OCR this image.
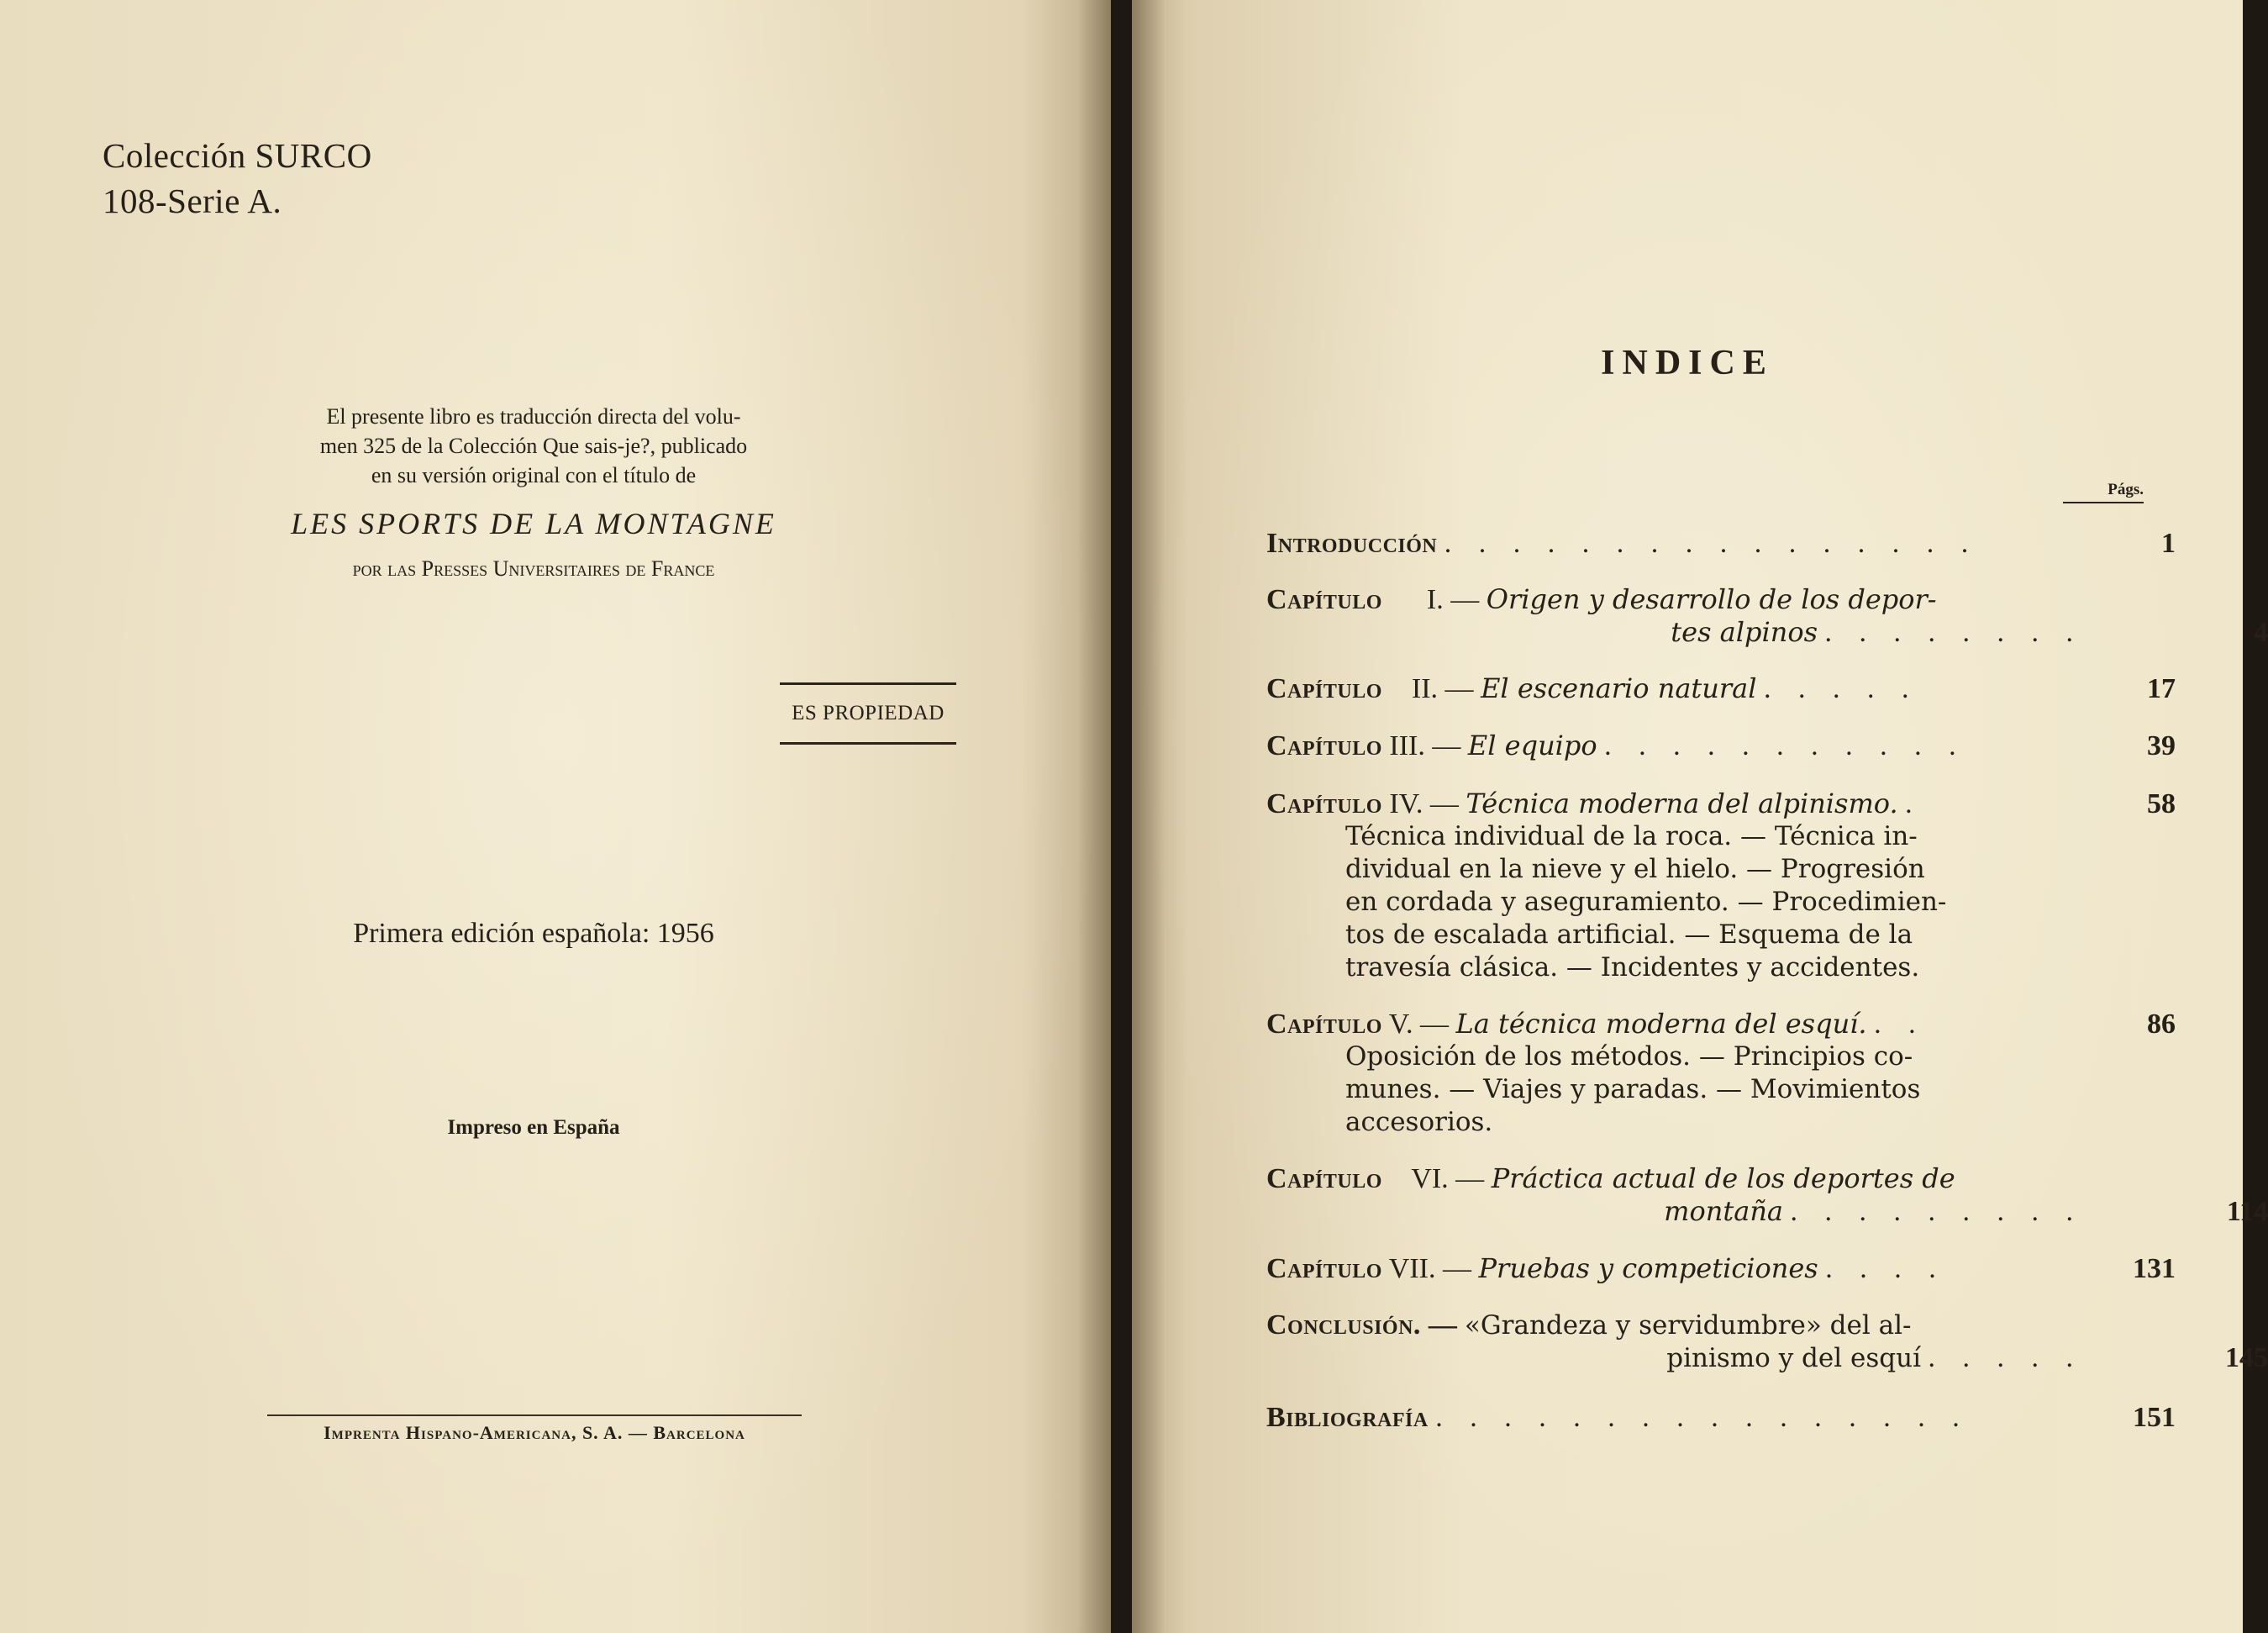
Colección SURCO
108-Serie A.
El presente libro es traducción directa del volu-
men 325 de la Colección Que sais-je?, publicado
en su versión original con el título de
LES SPORTS DE LA MONTAGNE
por las Presses Universitaires de France
ES PROPIEDAD
Primera edición española: 1956
Impreso en España
Imprenta Hispano-Americana, S. A. — Barcelona
INDICE
Págs.
Introducción . . . . . . . . . . . . . . . .	1
Capítulo I. — Origen y desarrollo de los depor-
tes alpinos . . . . . . . .	4
Capítulo II. — El escenario natural . . . . .	17
Capítulo III. — El equipo . . . . . . . . . . .	39
Capítulo IV. — Técnica moderna del alpinismo. .	58

Técnica individual de la roca. — Técnica in-

dividual en la nieve y el hielo. — Progresión

en cordada y aseguramiento. — Procedimien-

tos de escalada artificial. — Esquema de la

travesía clásica. — Incidentes y accidentes.

Capítulo V. — La técnica moderna del esquí. . .	86

Oposición de los métodos. — Principios co-

munes. — Viajes y paradas. — Movimientos

accesorios.

Capítulo VI. — Práctica actual de los deportes de
montaña . . . . . . . . .	114
Capítulo VII. — Pruebas y competiciones . . . .	131
Conclusión. — «Grandeza y servidumbre» del al-
pinismo y del esquí . . . . .	145
Bibliografía . . . . . . . . . . . . . . . .	151
